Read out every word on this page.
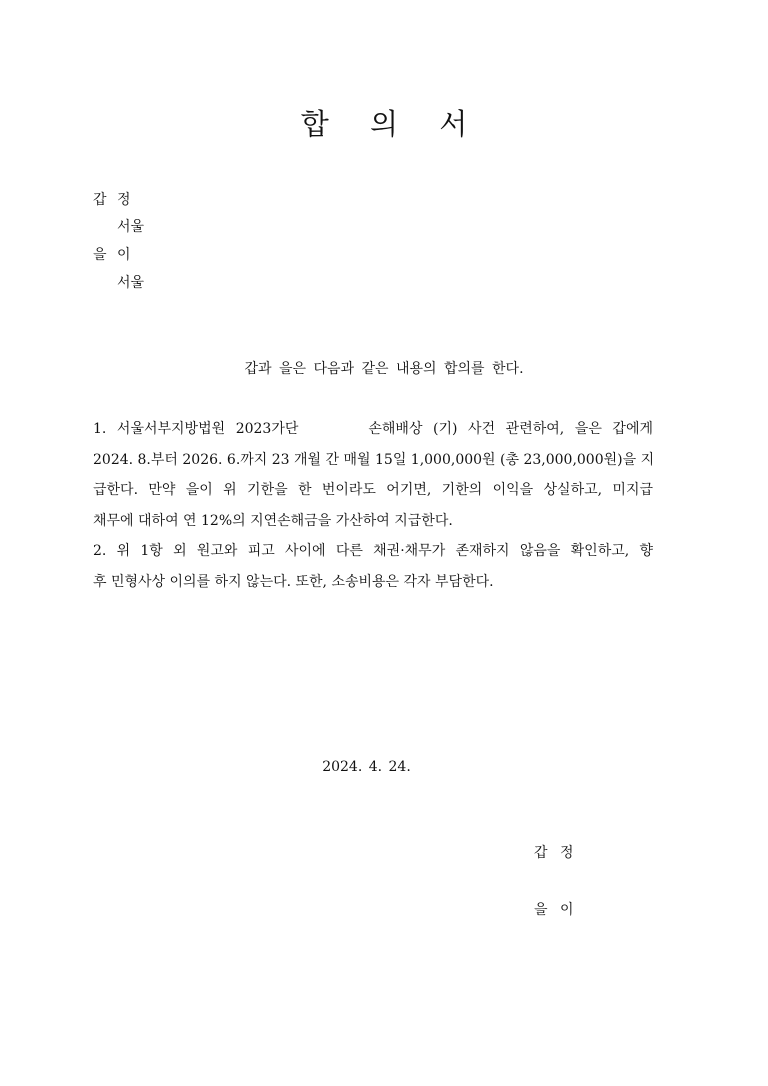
합 의 서
갑 정
서울
을 이
서울
갑과 을은 다음과 같은 내용의 합의를 한다.
1. 서울서부지방법원 2023가단	손해배상 (기) 사건 관련하여, 을은 갑에게
2024. 8.부터 2026. 6.까지 23 개월 간 매월 15일 1,000,000원 (총 23,000,000원)을 지
급한다. 만약 을이 위 기한을 한 번이라도 어기면, 기한의 이익을 상실하고, 미지급
채무에 대하여 연 12%의 지연손해금을 가산하여 지급한다.
2. 위 1항 외 원고와 피고 사이에 다른 채권·채무가 존재하지 않음을 확인하고, 향
후 민형사상 이의를 하지 않는다. 또한, 소송비용은 각자 부담한다.
2024. 4. 24.
갑 정
을 이
